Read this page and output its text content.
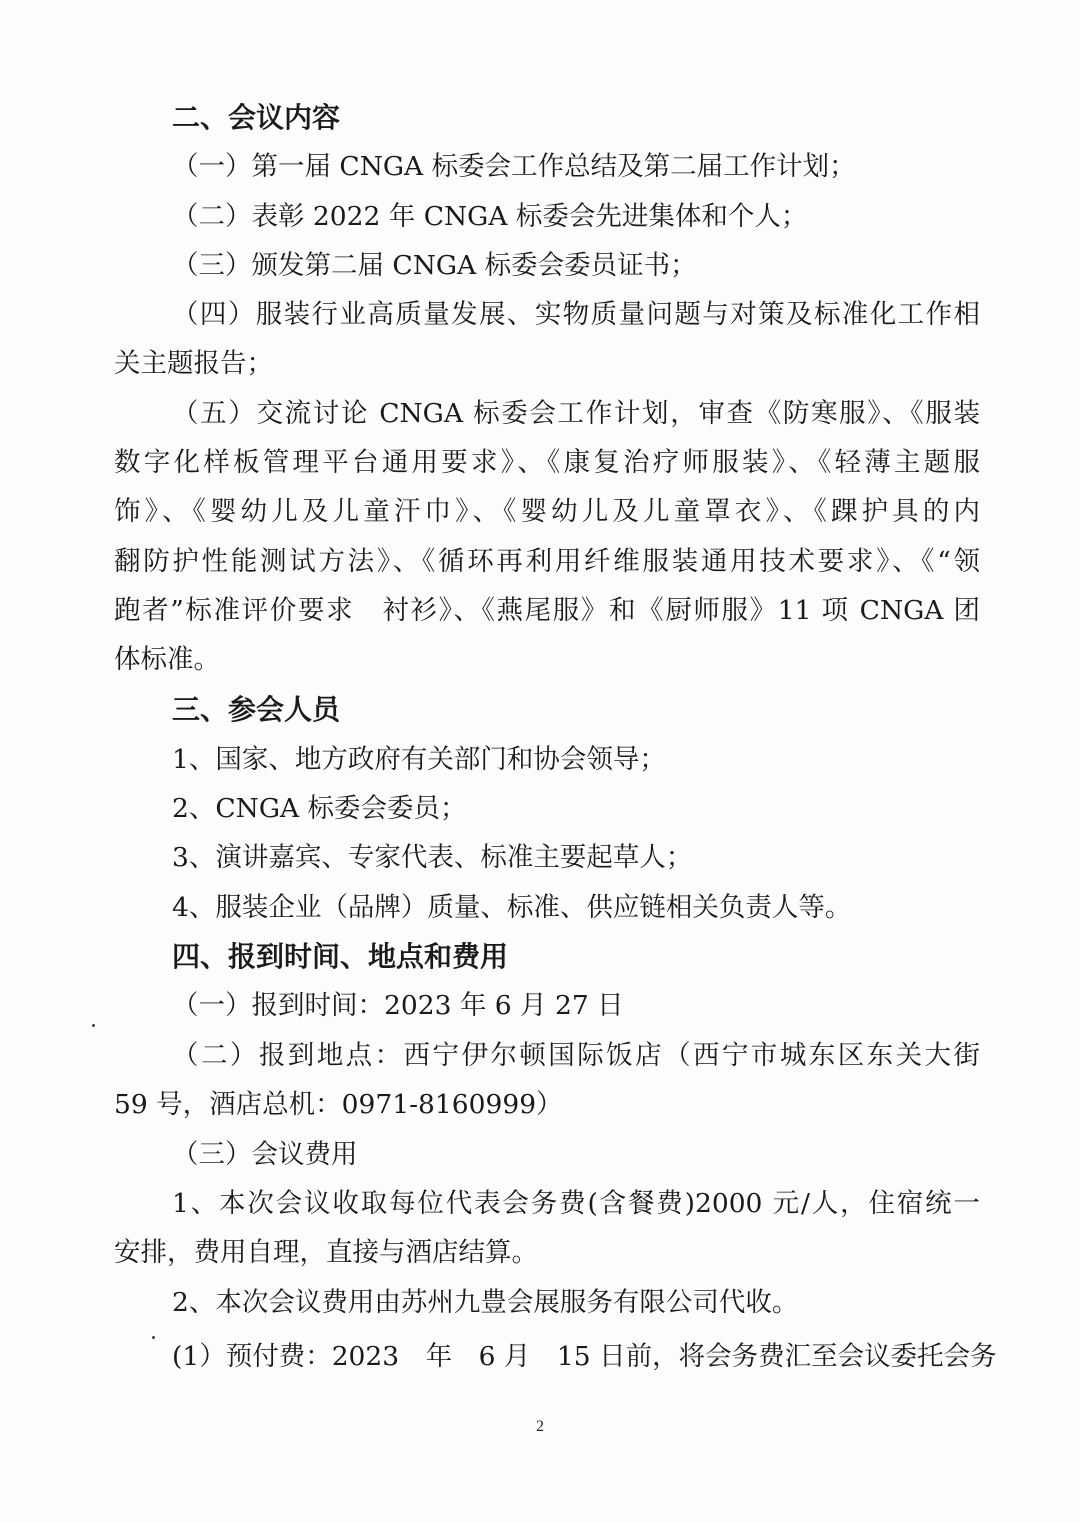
二、会议内容
（一）第一届 CNGA 标委会工作总结及第二届工作计划；
（二）表彰 2022 年 CNGA 标委会先进集体和个人；
（三）颁发第二届 CNGA 标委会委员证书；
（四）服装行业高质量发展、实物质量问题与对策及标准化工作相
关主题报告；
（五）交流讨论 CNGA 标委会工作计划，审查《防寒服》、《服装
数字化样板管理平台通用要求》、《康复治疗师服装》、《轻薄主题服
饰》、《婴幼儿及儿童汗巾》、《婴幼儿及儿童罩衣》、《踝护具的内
翻防护性能测试方法》、《循环再利用纤维服装通用技术要求》、《“领
跑者”标准评价要求　衬衫》、《燕尾服》和《厨师服》11 项 CNGA 团
体标准。
三、参会人员
1、国家、地方政府有关部门和协会领导；
2、CNGA 标委会委员；
3、演讲嘉宾、专家代表、标准主要起草人；
4、服装企业（品牌）质量、标准、供应链相关负责人等。
四、报到时间、地点和费用
（一）报到时间：2023 年 6 月 27 日
（二）报到地点：西宁伊尔顿国际饭店（西宁市城东区东关大街
59 号，酒店总机：0971-8160999）
（三）会议费用
1、本次会议收取每位代表会务费(含餐费)2000 元/人，住宿统一
安排，费用自理，直接与酒店结算。
2、本次会议费用由苏州九豊会展服务有限公司代收。
(1）预付费：2023　年　6 月　15 日前，将会务费汇至会议委托会务
2
